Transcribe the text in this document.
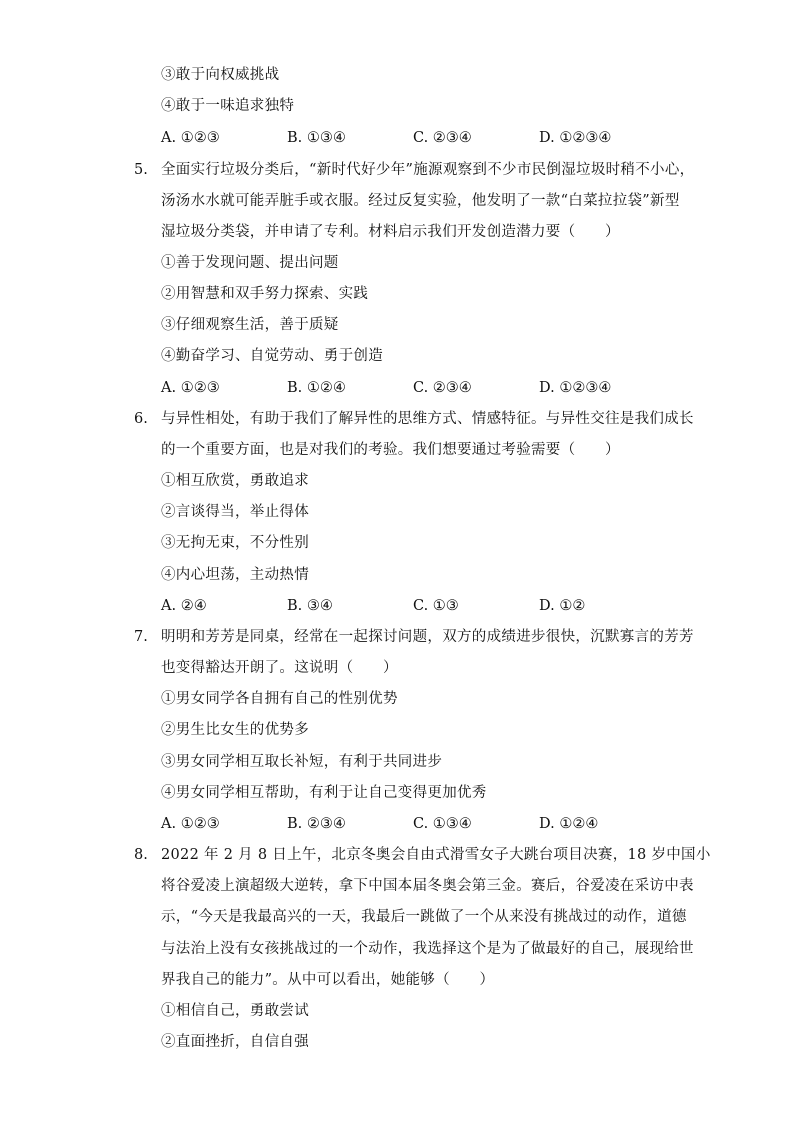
③敢于向权威挑战
④敢于一味追求独特
A. ①②③	B. ①③④	C. ②③④	D. ①②③④
5. 全面实行垃圾分类后，“新时代好少年”施源观察到不少市民倒湿垃圾时稍不小心，
汤汤水水就可能弄脏手或衣服。经过反复实验，他发明了一款“白菜拉拉袋”新型
湿垃圾分类袋，并申请了专利。材料启示我们开发创造潜力要（　　）
①善于发现问题、提出问题
②用智慧和双手努力探索、实践
③仔细观察生活，善于质疑
④勤奋学习、自觉劳动、勇于创造
A. ①②③	B. ①②④	C. ②③④	D. ①②③④
6. 与异性相处，有助于我们了解异性的思维方式、情感特征。与异性交往是我们成长
的一个重要方面，也是对我们的考验。我们想要通过考验需要（　　）
①相互欣赏，勇敢追求
②言谈得当，举止得体
③无拘无束，不分性别
④内心坦荡，主动热情
A. ②④	B. ③④	C. ①③	D. ①②
7. 明明和芳芳是同桌，经常在一起探讨问题，双方的成绩进步很快，沉默寡言的芳芳
也变得豁达开朗了。这说明（　　）
①男女同学各自拥有自己的性别优势
②男生比女生的优势多
③男女同学相互取长补短，有利于共同进步
④男女同学相互帮助，有利于让自己变得更加优秀
A. ①②③	B. ②③④	C. ①③④	D. ①②④
8. 2022 年 2 月 8 日上午，北京冬奥会自由式滑雪女子大跳台项目决赛，18 岁中国小
将谷爱凌上演超级大逆转，拿下中国本届冬奥会第三金。赛后，谷爱凌在采访中表
示，“今天是我最高兴的一天，我最后一跳做了一个从来没有挑战过的动作，道德
与法治上没有女孩挑战过的一个动作，我选择这个是为了做最好的自己，展现给世
界我自己的能力”。从中可以看出，她能够（　　）
①相信自己，勇敢尝试
②直面挫折，自信自强
